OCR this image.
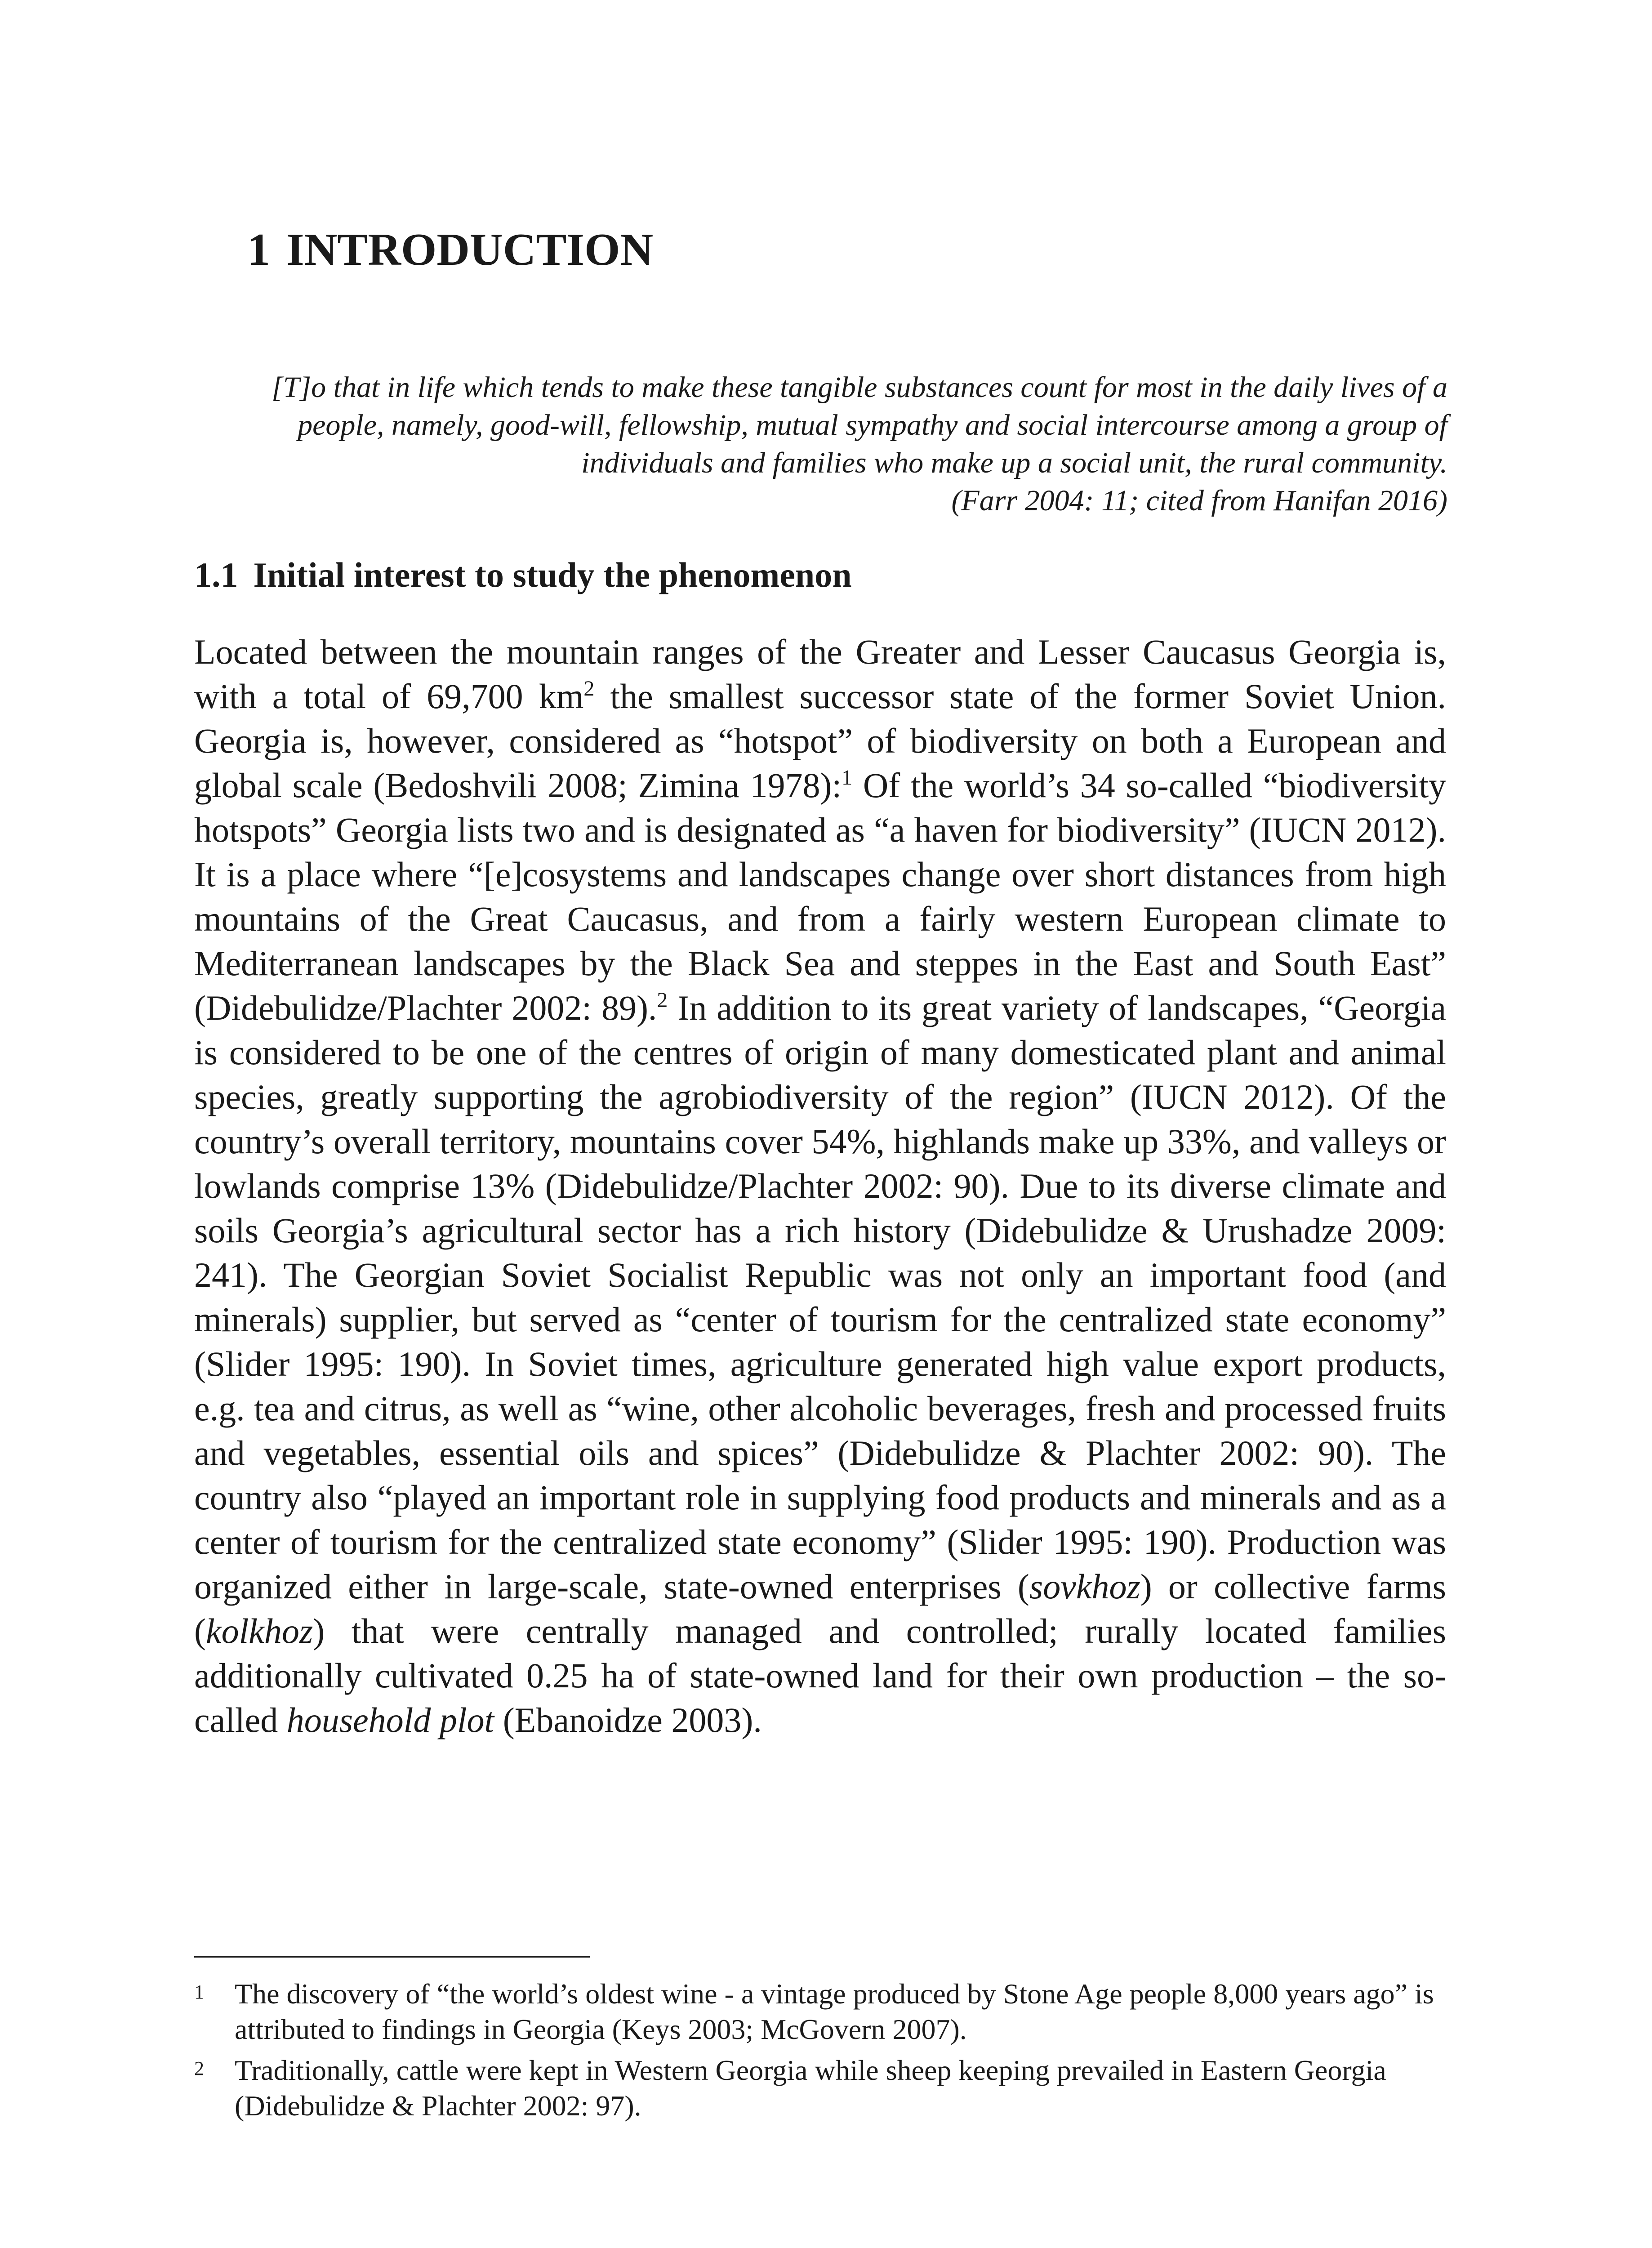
1 INTRODUCTION
[T]o that in life which tends to make these tangible substances count for most in the daily lives of a people, namely, good-will, fellowship, mutual sympathy and social intercourse among a group of individuals and families who make up a social unit, the rural community.
(Farr 2004: 11; cited from Hanifan 2016)
1.1 Initial interest to study the phenomenon

Located between the mountain ranges of the Greater and Lesser Caucasus Georgia is, with a total of 69,700 $km^2$ the smallest successor state of the former Soviet Union. Georgia is, however, considered as “hotspot” of biodiversity on both a European and global scale (Bedoshvili 2008; Zimina 1978):$^1$ Of the world’s 34 so-called “biodiversity hotspots” Georgia lists two and is designated as “a haven for biodiversity” (IUCN 2012). It is a place where “[e]cosystems and landscapes change over short distances from high mountains of the Great Caucasus, and from a fairly western European climate to Mediterranean landscapes by the Black Sea and steppes in the East and South East” (Didebulidze/Plachter 2002: 89).$^2$ In addition to its great variety of landscapes, “Georgia is considered to be one of the centres of origin of many domesticated plant and animal species, greatly supporting the agrobiodiversity of the region” (IUCN 2012). Of the country’s overall territory, mountains cover 54%, highlands make up 33%, and valleys or lowlands comprise 13% (Didebulidze/Plachter 2002: 90). Due to its diverse climate and soils Georgia’s agricultural sector has a rich history (Didebulidze & Urushadze 2009: 241). The Georgian Soviet Socialist Republic was not only an important food (and minerals) supplier, but served as “center of tourism for the centralized state economy” (Slider 1995: 190). In Soviet times, agriculture generated high value export products, e.g. tea and citrus, as well as “wine, other alcoholic beverages, fresh and processed fruits and vegetables, essential oils and spices” (Didebulidze & Plachter 2002: 90). The country also “played an important role in supplying food products and minerals and as a center of tourism for the centralized state economy” (Slider 1995: 190). Production was organized either in large-scale, state-owned enterprises (sovkhoz) or collective farms (kolkhoz) that were centrally managed and controlled; rurally located families additionally cultivated 0.25 ha of state-owned land for their own production – the so-called household plot (Ebanoidze 2003).

1 The discovery of “the world’s oldest wine - a vintage produced by Stone Age people 8,000 years ago” is attributed to findings in Georgia (Keys 2003; McGovern 2007).
2 Traditionally, cattle were kept in Western Georgia while sheep keeping prevailed in Eastern Georgia (Didebulidze & Plachter 2002: 97).
